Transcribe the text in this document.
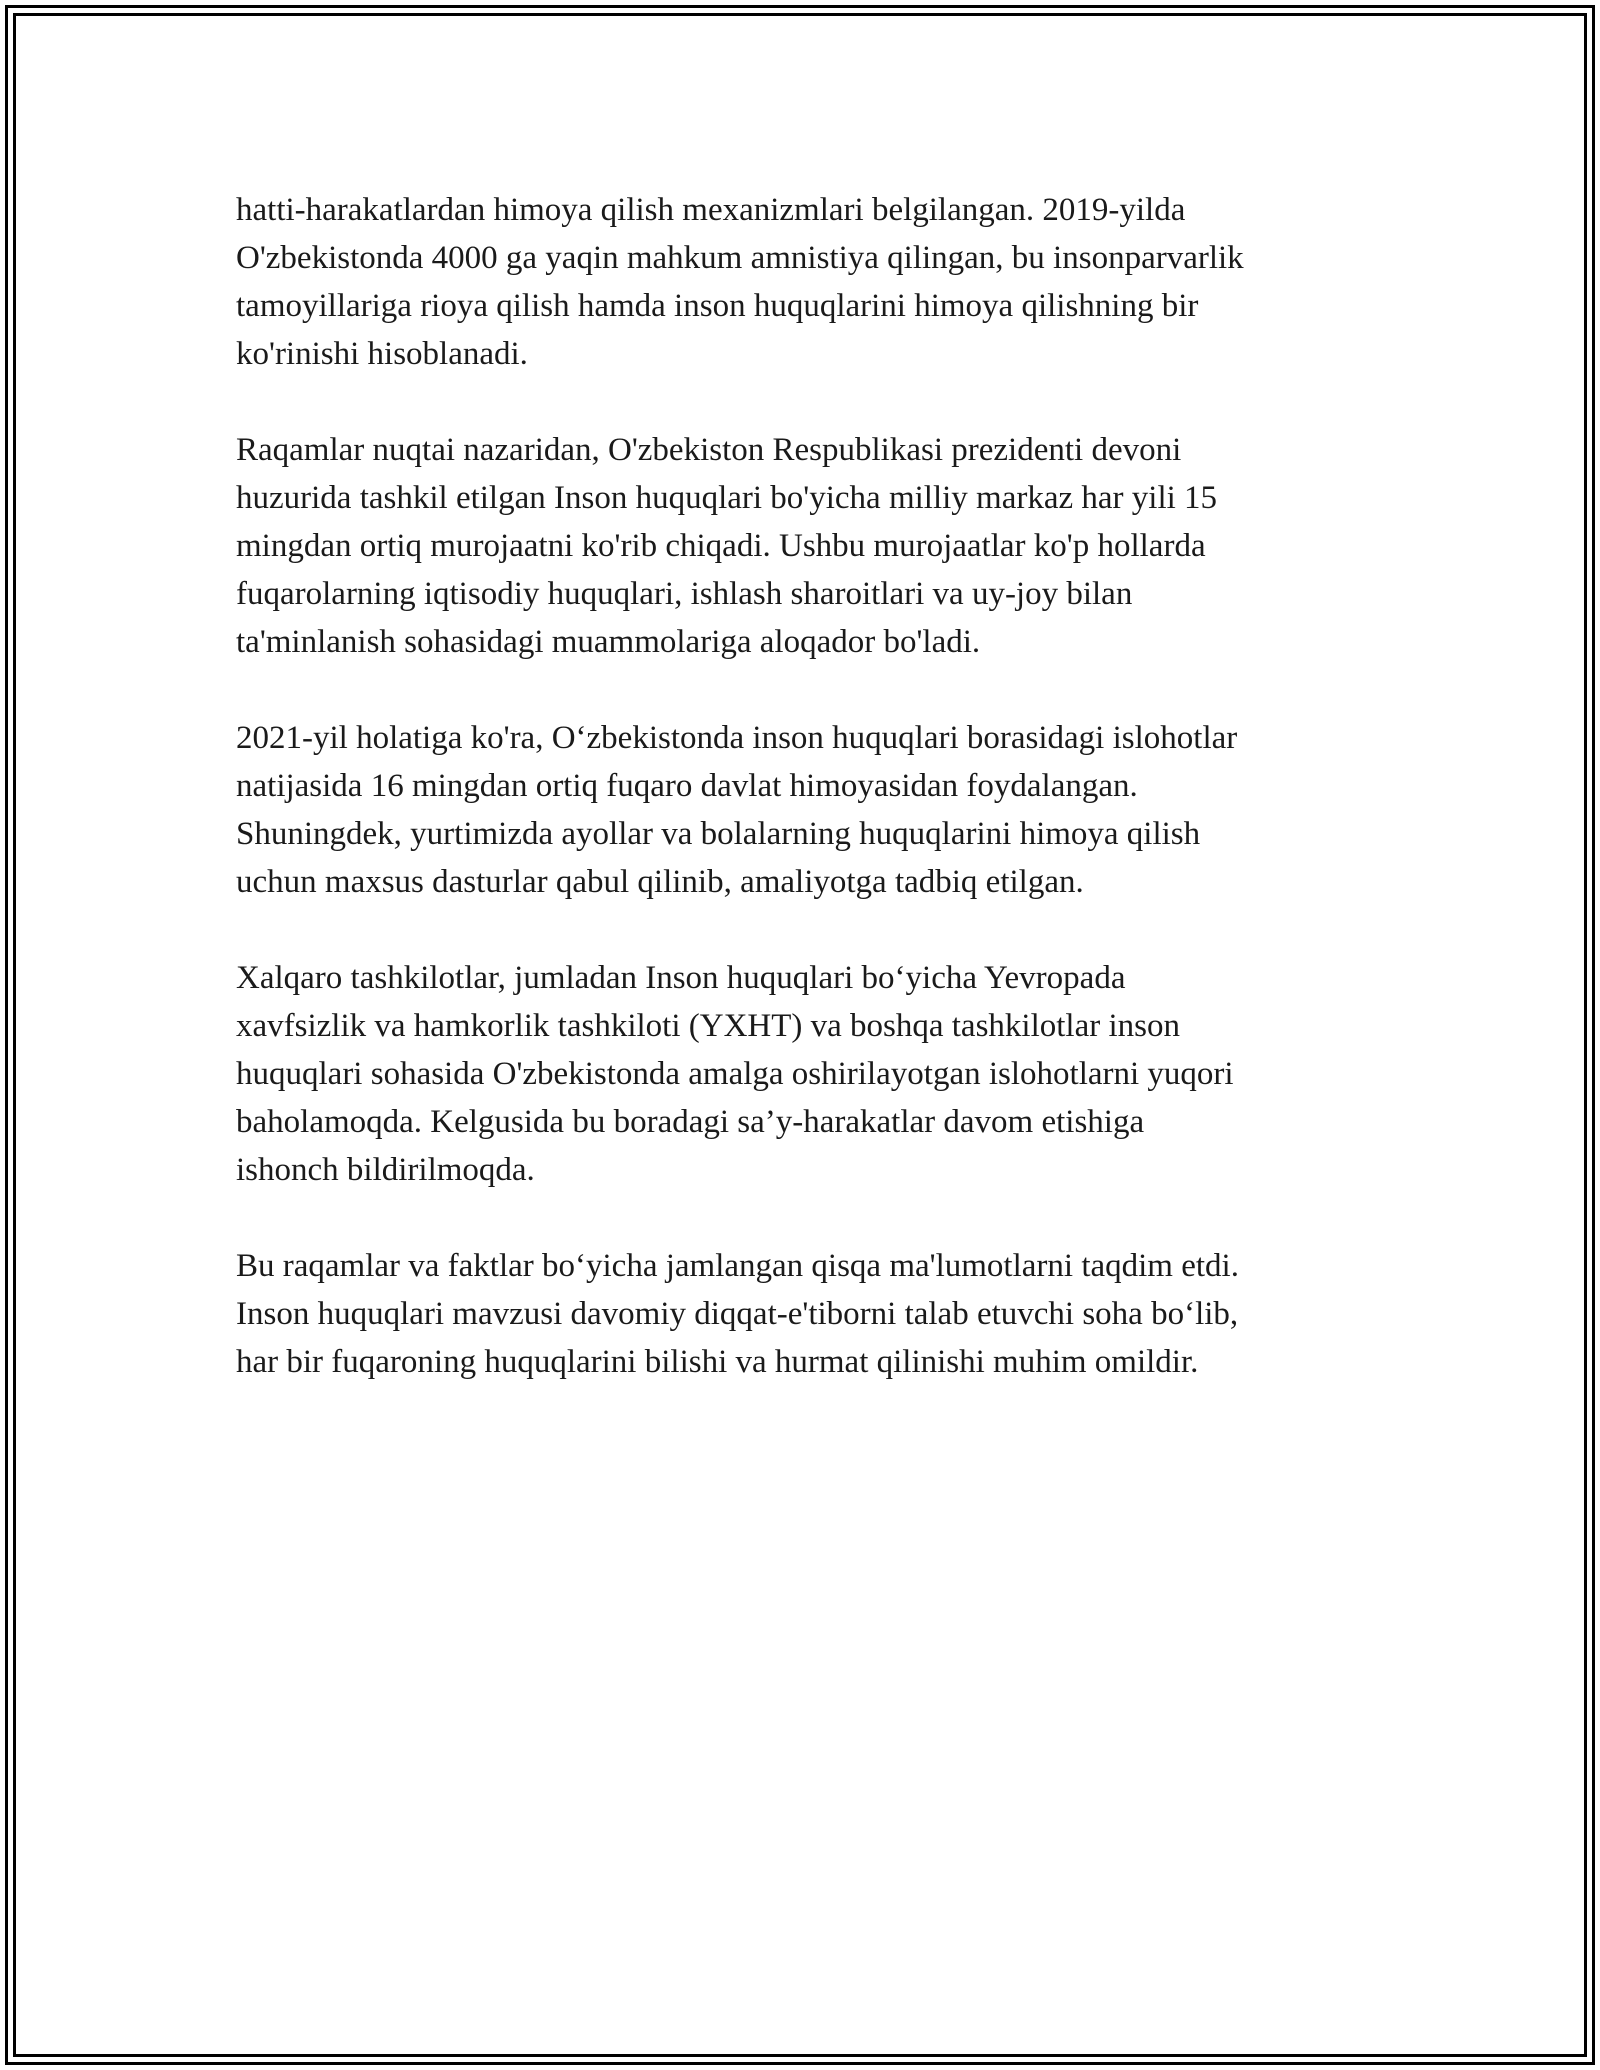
hatti-harakatlardan himoya qilish mexanizmlari belgilangan. 2019-yilda
O'zbekistonda 4000 ga yaqin mahkum amnistiya qilingan, bu insonparvarlik
tamoyillariga rioya qilish hamda inson huquqlarini himoya qilishning bir
ko'rinishi hisoblanadi.

Raqamlar nuqtai nazaridan, O'zbekiston Respublikasi prezidenti devoni
huzurida tashkil etilgan Inson huquqlari bo'yicha milliy markaz har yili 15
mingdan ortiq murojaatni ko'rib chiqadi. Ushbu murojaatlar ko'p hollarda
fuqarolarning iqtisodiy huquqlari, ishlash sharoitlari va uy-joy bilan
ta'minlanish sohasidagi muammolariga aloqador bo'ladi.

2021-yil holatiga ko'ra, O‘zbekistonda inson huquqlari borasidagi islohotlar
natijasida 16 mingdan ortiq fuqaro davlat himoyasidan foydalangan.
Shuningdek, yurtimizda ayollar va bolalarning huquqlarini himoya qilish
uchun maxsus dasturlar qabul qilinib, amaliyotga tadbiq etilgan.

Xalqaro tashkilotlar, jumladan Inson huquqlari bo‘yicha Yevropada
xavfsizlik va hamkorlik tashkiloti (YXHT) va boshqa tashkilotlar inson
huquqlari sohasida O'zbekistonda amalga oshirilayotgan islohotlarni yuqori
baholamoqda. Kelgusida bu boradagi sa’y-harakatlar davom etishiga
ishonch bildirilmoqda.

Bu raqamlar va faktlar bo‘yicha jamlangan qisqa ma'lumotlarni taqdim etdi.
Inson huquqlari mavzusi davomiy diqqat-e'tiborni talab etuvchi soha bo‘lib,
har bir fuqaroning huquqlarini bilishi va hurmat qilinishi muhim omildir.
